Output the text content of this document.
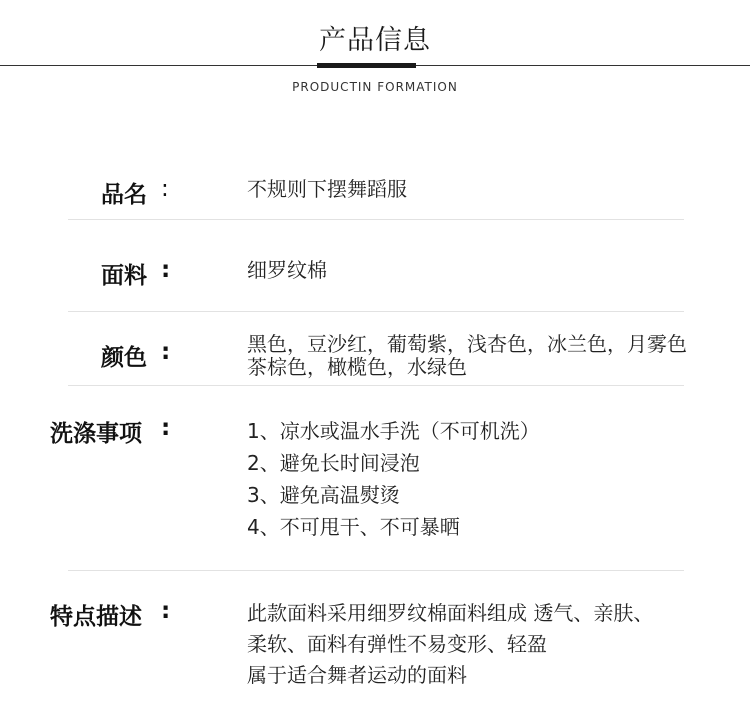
产品信息
PRODUCTIN FORMATION
品名 :	不规则下摆舞蹈服
面料 :	细罗纹棉
颜色 :	黑色，豆沙红，葡萄紫，浅杏色，冰兰色，月雾色
茶棕色，橄榄色，水绿色
洗涤事项 :	1、凉水或温水手洗（不可机洗）
2、避免长时间浸泡
3、避免高温熨烫
4、不可甩干、不可暴晒
特点描述 :	此款面料采用细罗纹棉面料组成 透气、亲肤、
柔软、面料有弹性不易变形、轻盈
属于适合舞者运动的面料
